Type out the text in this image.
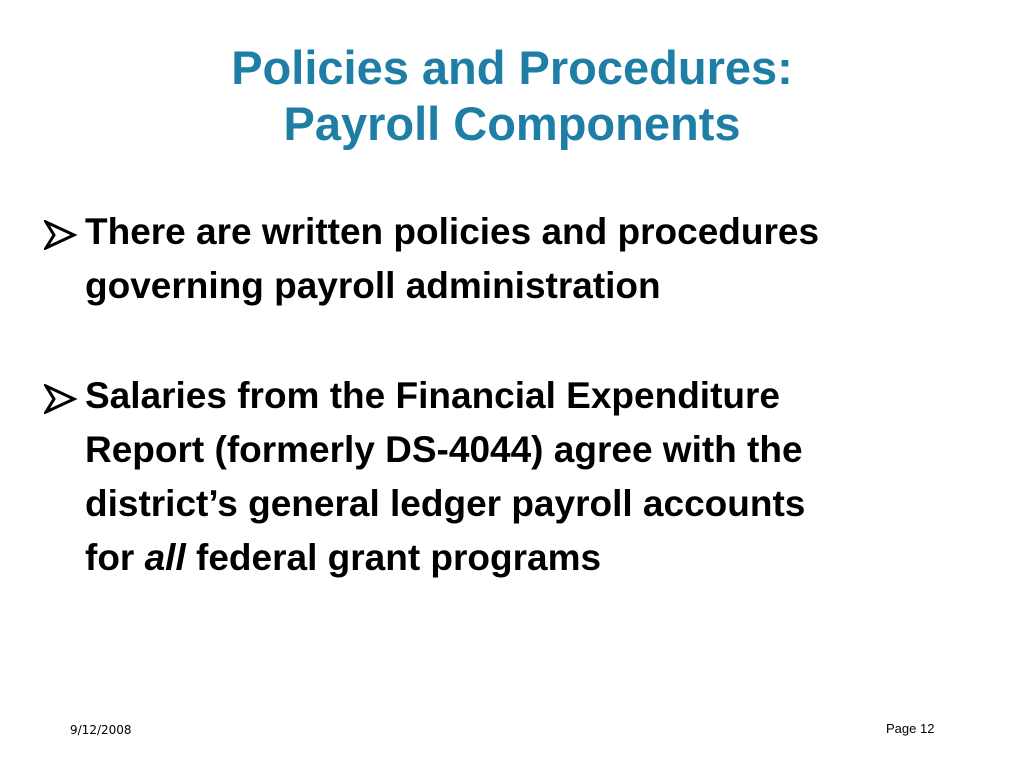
Policies and Procedures:
Payroll Components
There are written policies and procedures
governing payroll administration
Salaries from the Financial Expenditure
Report (formerly DS-4044) agree with the
district’s general ledger payroll accounts
for all federal grant programs
9/12/2008	Page 12
